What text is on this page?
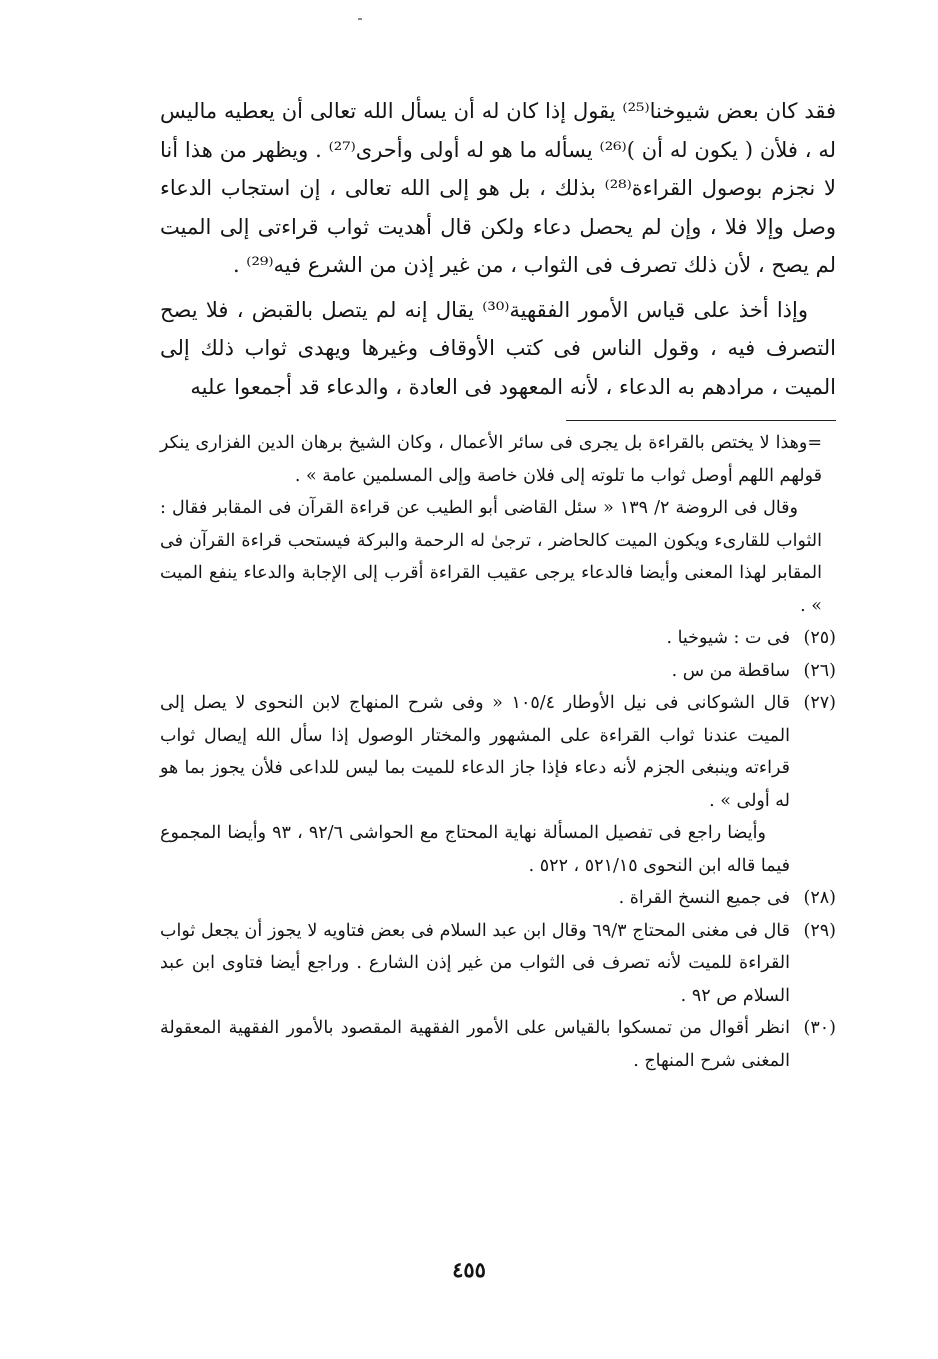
فقد كان بعض شيوخنا⁽²⁵⁾ يقول إذا كان له أن يسأل الله تعالى أن يعطيه ماليس له ، فلأن ( يكون له أن )⁽²⁶⁾ يسأله ما هو له أولى وأحرى⁽²⁷⁾ . ويظهر من هذا أنا لا نجزم بوصول القراءة⁽²⁸⁾ بذلك ، بل هو إلى الله تعالى ، إن استجاب الدعاء وصل وإلا فلا ، وإن لم يحصل دعاء ولكن قال أهديت ثواب قراءتى إلى الميت لم يصح ، لأن ذلك تصرف فى الثواب ، من غير إذن من الشرع فيه⁽²⁹⁾ .

وإذا أخذ على قياس الأمور الفقهية⁽³⁰⁾ يقال إنه لم يتصل بالقبض ، فلا يصح التصرف فيه ، وقول الناس فى كتب الأوقاف وغيرها ويهدى ثواب ذلك إلى الميت ، مرادهم به الدعاء ، لأنه المعهود فى العادة ، والدعاء قد أجمعوا عليه

=وهذا لا يختص بالقراءة بل يجرى فى سائر الأعمال ، وكان الشيخ برهان الدين الفزارى ينكر قولهم اللهم أوصل ثواب ما تلوته إلى فلان خاصة وإلى المسلمين عامة » .

وقال فى الروضة ٢/ ١٣٩ « سئل القاضى أبو الطيب عن قراءة القرآن فى المقابر فقال : الثواب للقارىء ويكون الميت كالحاضر ، ترجىٰ له الرحمة والبركة فيستحب قراءة القرآن فى المقابر لهذا المعنى وأيضا فالدعاء يرجى عقيب القراءة أقرب إلى الإجابة والدعاء ينفع الميت » .

(٢٥)

فى ت : شيوخيا .

(٢٦)

ساقطة من س .

(٢٧)

قال الشوكانى فى نيل الأوطار ١٠٥/٤ « وفى شرح المنهاج لابن النحوى لا يصل إلى الميت عندنا ثواب القراءة على المشهور والمختار الوصول إذا سأل الله إيصال ثواب قراءته وينبغى الجزم لأنه دعاء فإذا جاز الدعاء للميت بما ليس للداعى فلأن يجوز بما هو له أولى » .

وأيضا راجع فى تفصيل المسألة نهاية المحتاج مع الحواشى ٩٢/٦ ، ٩٣ وأيضا المجموع فيما قاله ابن النحوى ٥٢١/١٥ ، ٥٢٢ .

(٢٨)

فى جميع النسخ القراة .

(٢٩)

قال فى مغنى المحتاج ٦٩/٣ وقال ابن عبد السلام فى بعض فتاويه لا يجوز أن يجعل ثواب القراءة للميت لأنه تصرف فى الثواب من غير إذن الشارع . وراجع أيضا فتاوى ابن عبد السلام ص ٩٢ .

(٣٠)

انظر أقوال من تمسكوا بالقياس على الأمور الفقهية المقصود بالأمور الفقهية المعقولة المغنى شرح المنهاج .

٤٥٥
